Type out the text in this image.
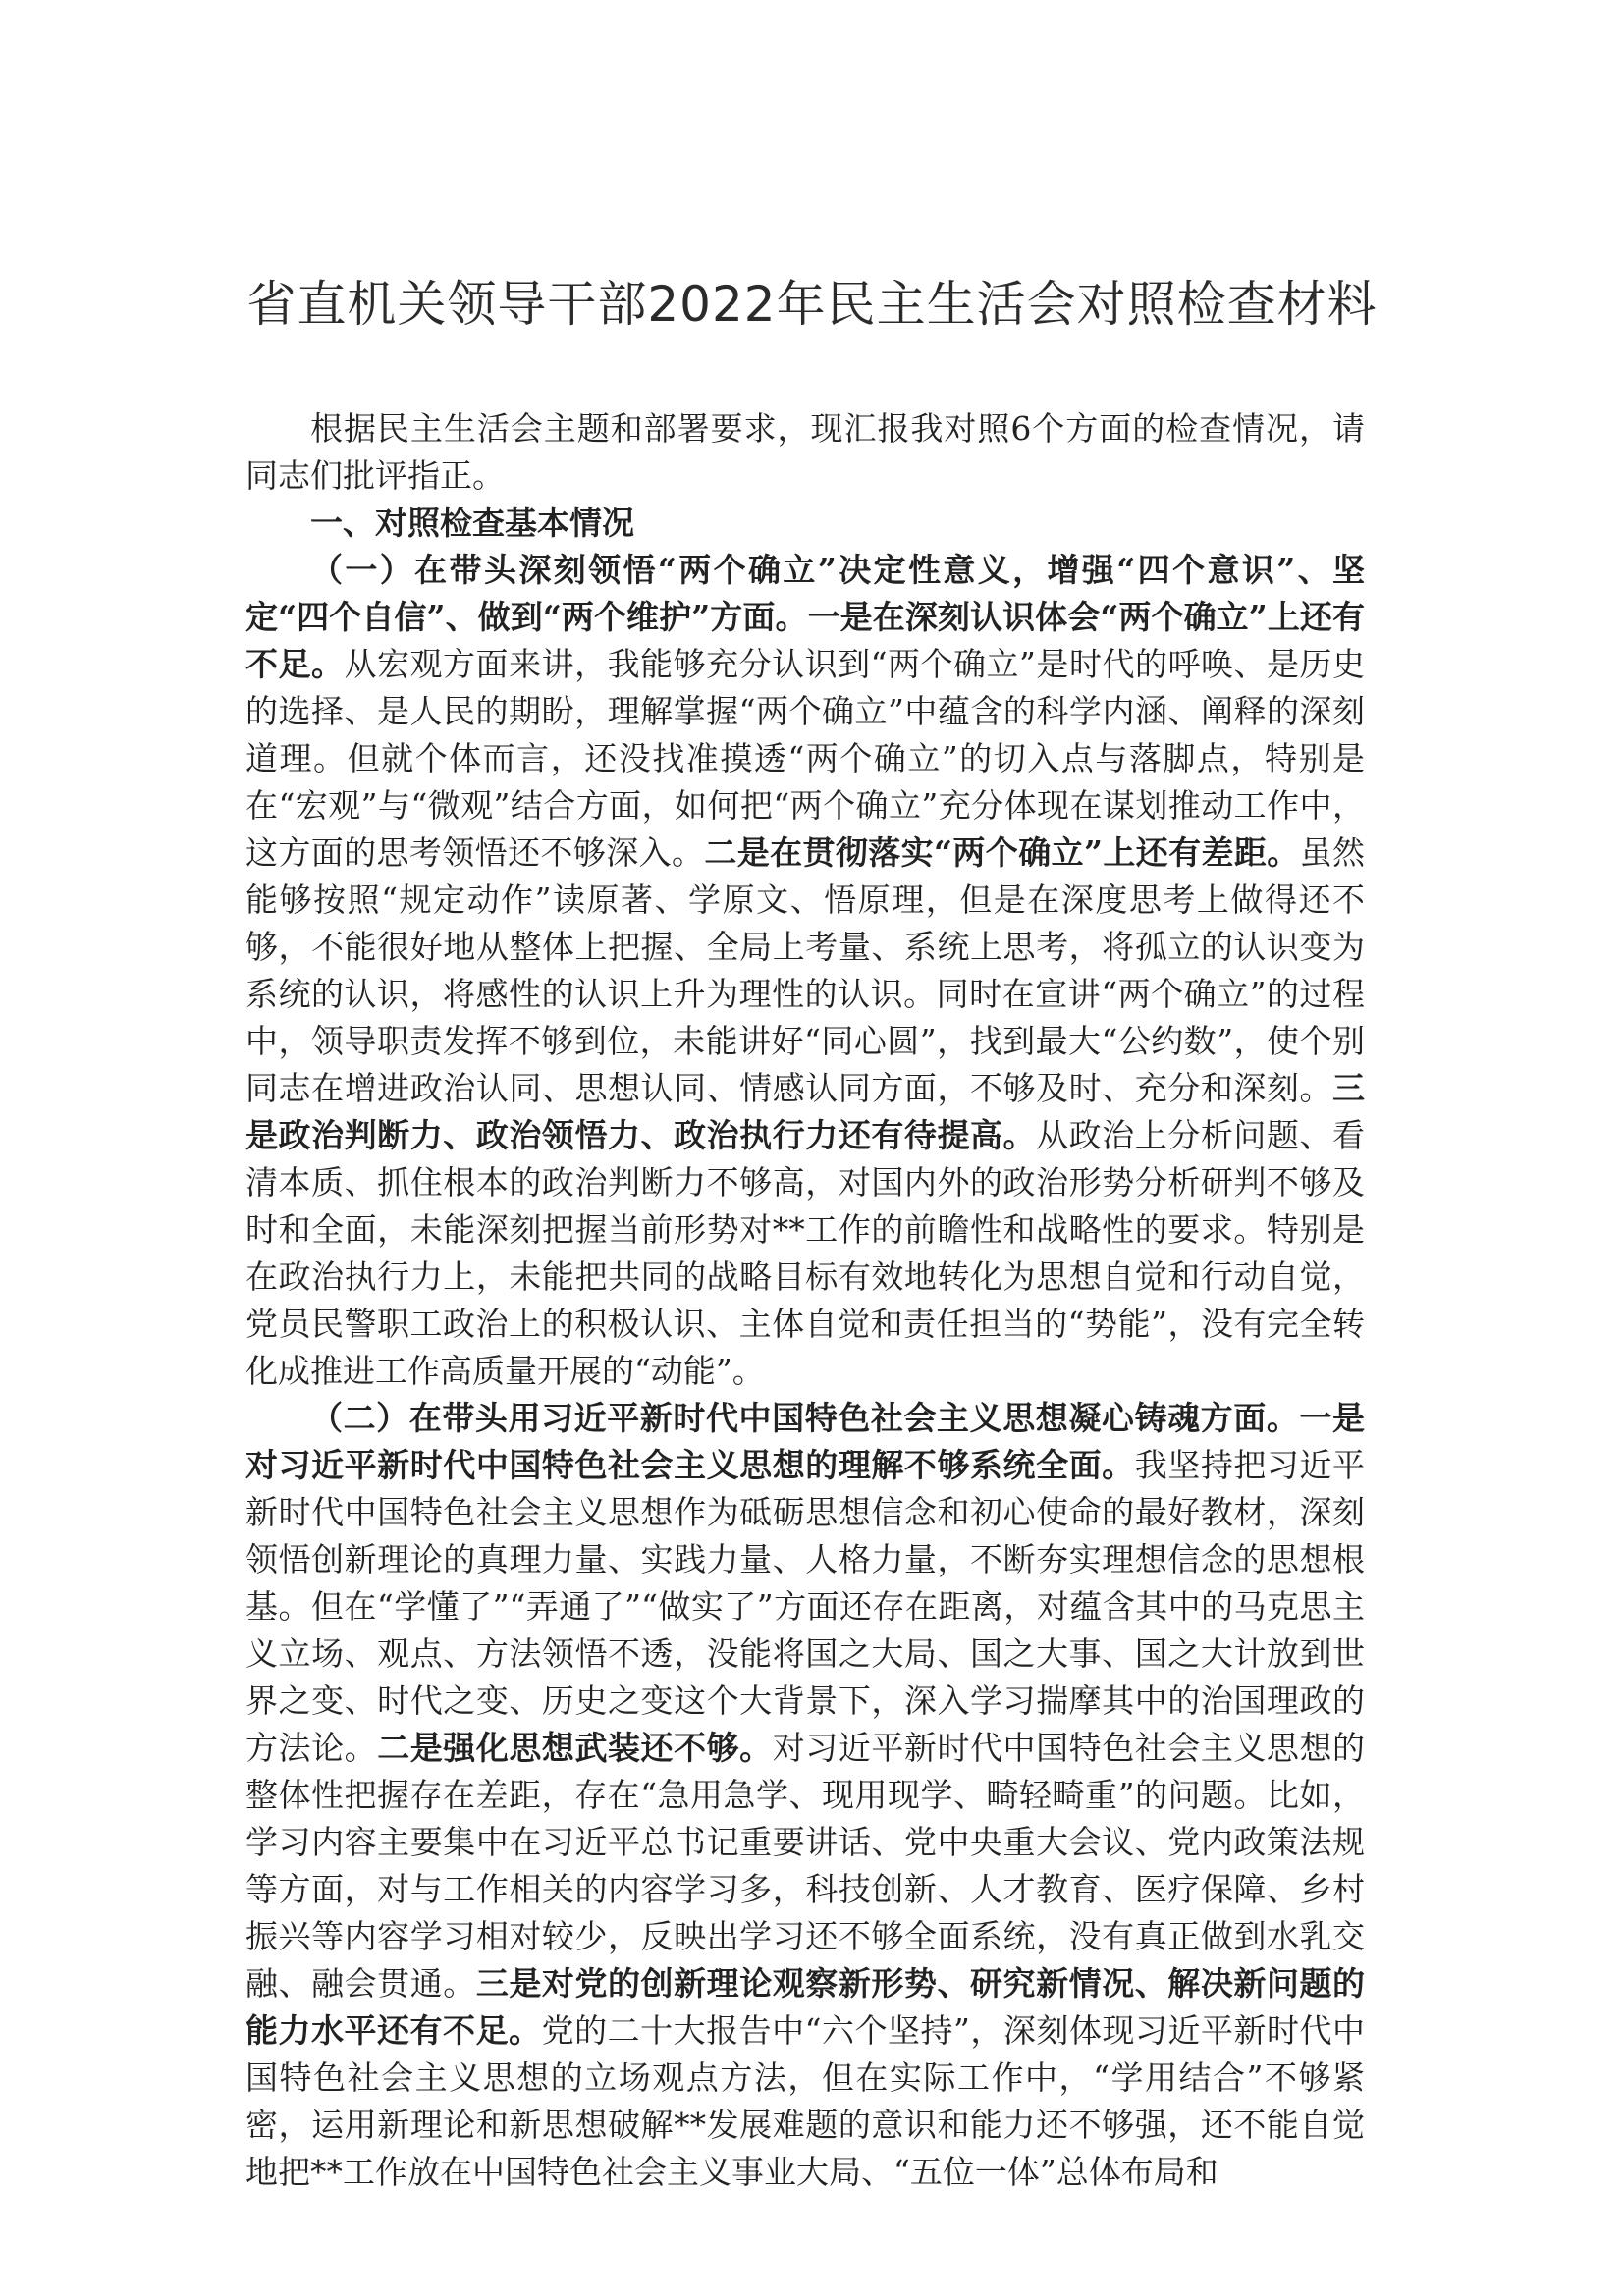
省直机关领导干部2022年民主生活会对照检查材料

根据民主生活会主题和部署要求，现汇报我对照6个方面的检查情况，请同志们批评指正。

一、对照检查基本情况

（一）在带头深刻领悟“两个确立”决定性意义，增强“四个意识”、坚定“四个自信”、做到“两个维护”方面。一是在深刻认识体会“两个确立”上还有不足。从宏观方面来讲，我能够充分认识到“两个确立”是时代的呼唤、是历史的选择、是人民的期盼，理解掌握“两个确立”中蕴含的科学内涵、阐释的深刻道理。但就个体而言，还没找准摸透“两个确立”的切入点与落脚点，特别是在“宏观”与“微观”结合方面，如何把“两个确立”充分体现在谋划推动工作中，这方面的思考领悟还不够深入。二是在贯彻落实“两个确立”上还有差距。虽然能够按照“规定动作”读原著、学原文、悟原理，但是在深度思考上做得还不够，不能很好地从整体上把握、全局上考量、系统上思考，将孤立的认识变为系统的认识，将感性的认识上升为理性的认识。同时在宣讲“两个确立”的过程中，领导职责发挥不够到位，未能讲好“同心圆”，找到最大“公约数”，使个别同志在增进政治认同、思想认同、情感认同方面，不够及时、充分和深刻。三是政治判断力、政治领悟力、政治执行力还有待提高。从政治上分析问题、看清本质、抓住根本的政治判断力不够高，对国内外的政治形势分析研判不够及时和全面，未能深刻把握当前形势对**工作的前瞻性和战略性的要求。特别是在政治执行力上，未能把共同的战略目标有效地转化为思想自觉和行动自觉，党员民警职工政治上的积极认识、主体自觉和责任担当的“势能”，没有完全转化成推进工作高质量开展的“动能”。

（二）在带头用习近平新时代中国特色社会主义思想凝心铸魂方面。一是对习近平新时代中国特色社会主义思想的理解不够系统全面。我坚持把习近平新时代中国特色社会主义思想作为砥砺思想信念和初心使命的最好教材，深刻领悟创新理论的真理力量、实践力量、人格力量，不断夯实理想信念的思想根基。但在“学懂了”“弄通了”“做实了”方面还存在距离，对蕴含其中的马克思主义立场、观点、方法领悟不透，没能将国之大局、国之大事、国之大计放到世界之变、时代之变、历史之变这个大背景下，深入学习揣摩其中的治国理政的方法论。二是强化思想武装还不够。对习近平新时代中国特色社会主义思想的整体性把握存在差距，存在“急用急学、现用现学、畸轻畸重”的问题。比如，学习内容主要集中在习近平总书记重要讲话、党中央重大会议、党内政策法规等方面，对与工作相关的内容学习多，科技创新、人才教育、医疗保障、乡村振兴等内容学习相对较少，反映出学习还不够全面系统，没有真正做到水乳交融、融会贯通。三是对党的创新理论观察新形势、研究新情况、解决新问题的能力水平还有不足。党的二十大报告中“六个坚持”，深刻体现习近平新时代中国特色社会主义思想的立场观点方法，但在实际工作中，“学用结合”不够紧密，运用新理论和新思想破解**发展难题的意识和能力还不够强，还不能自觉地把**工作放在中国特色社会主义事业大局、“五位一体”总体布局和
